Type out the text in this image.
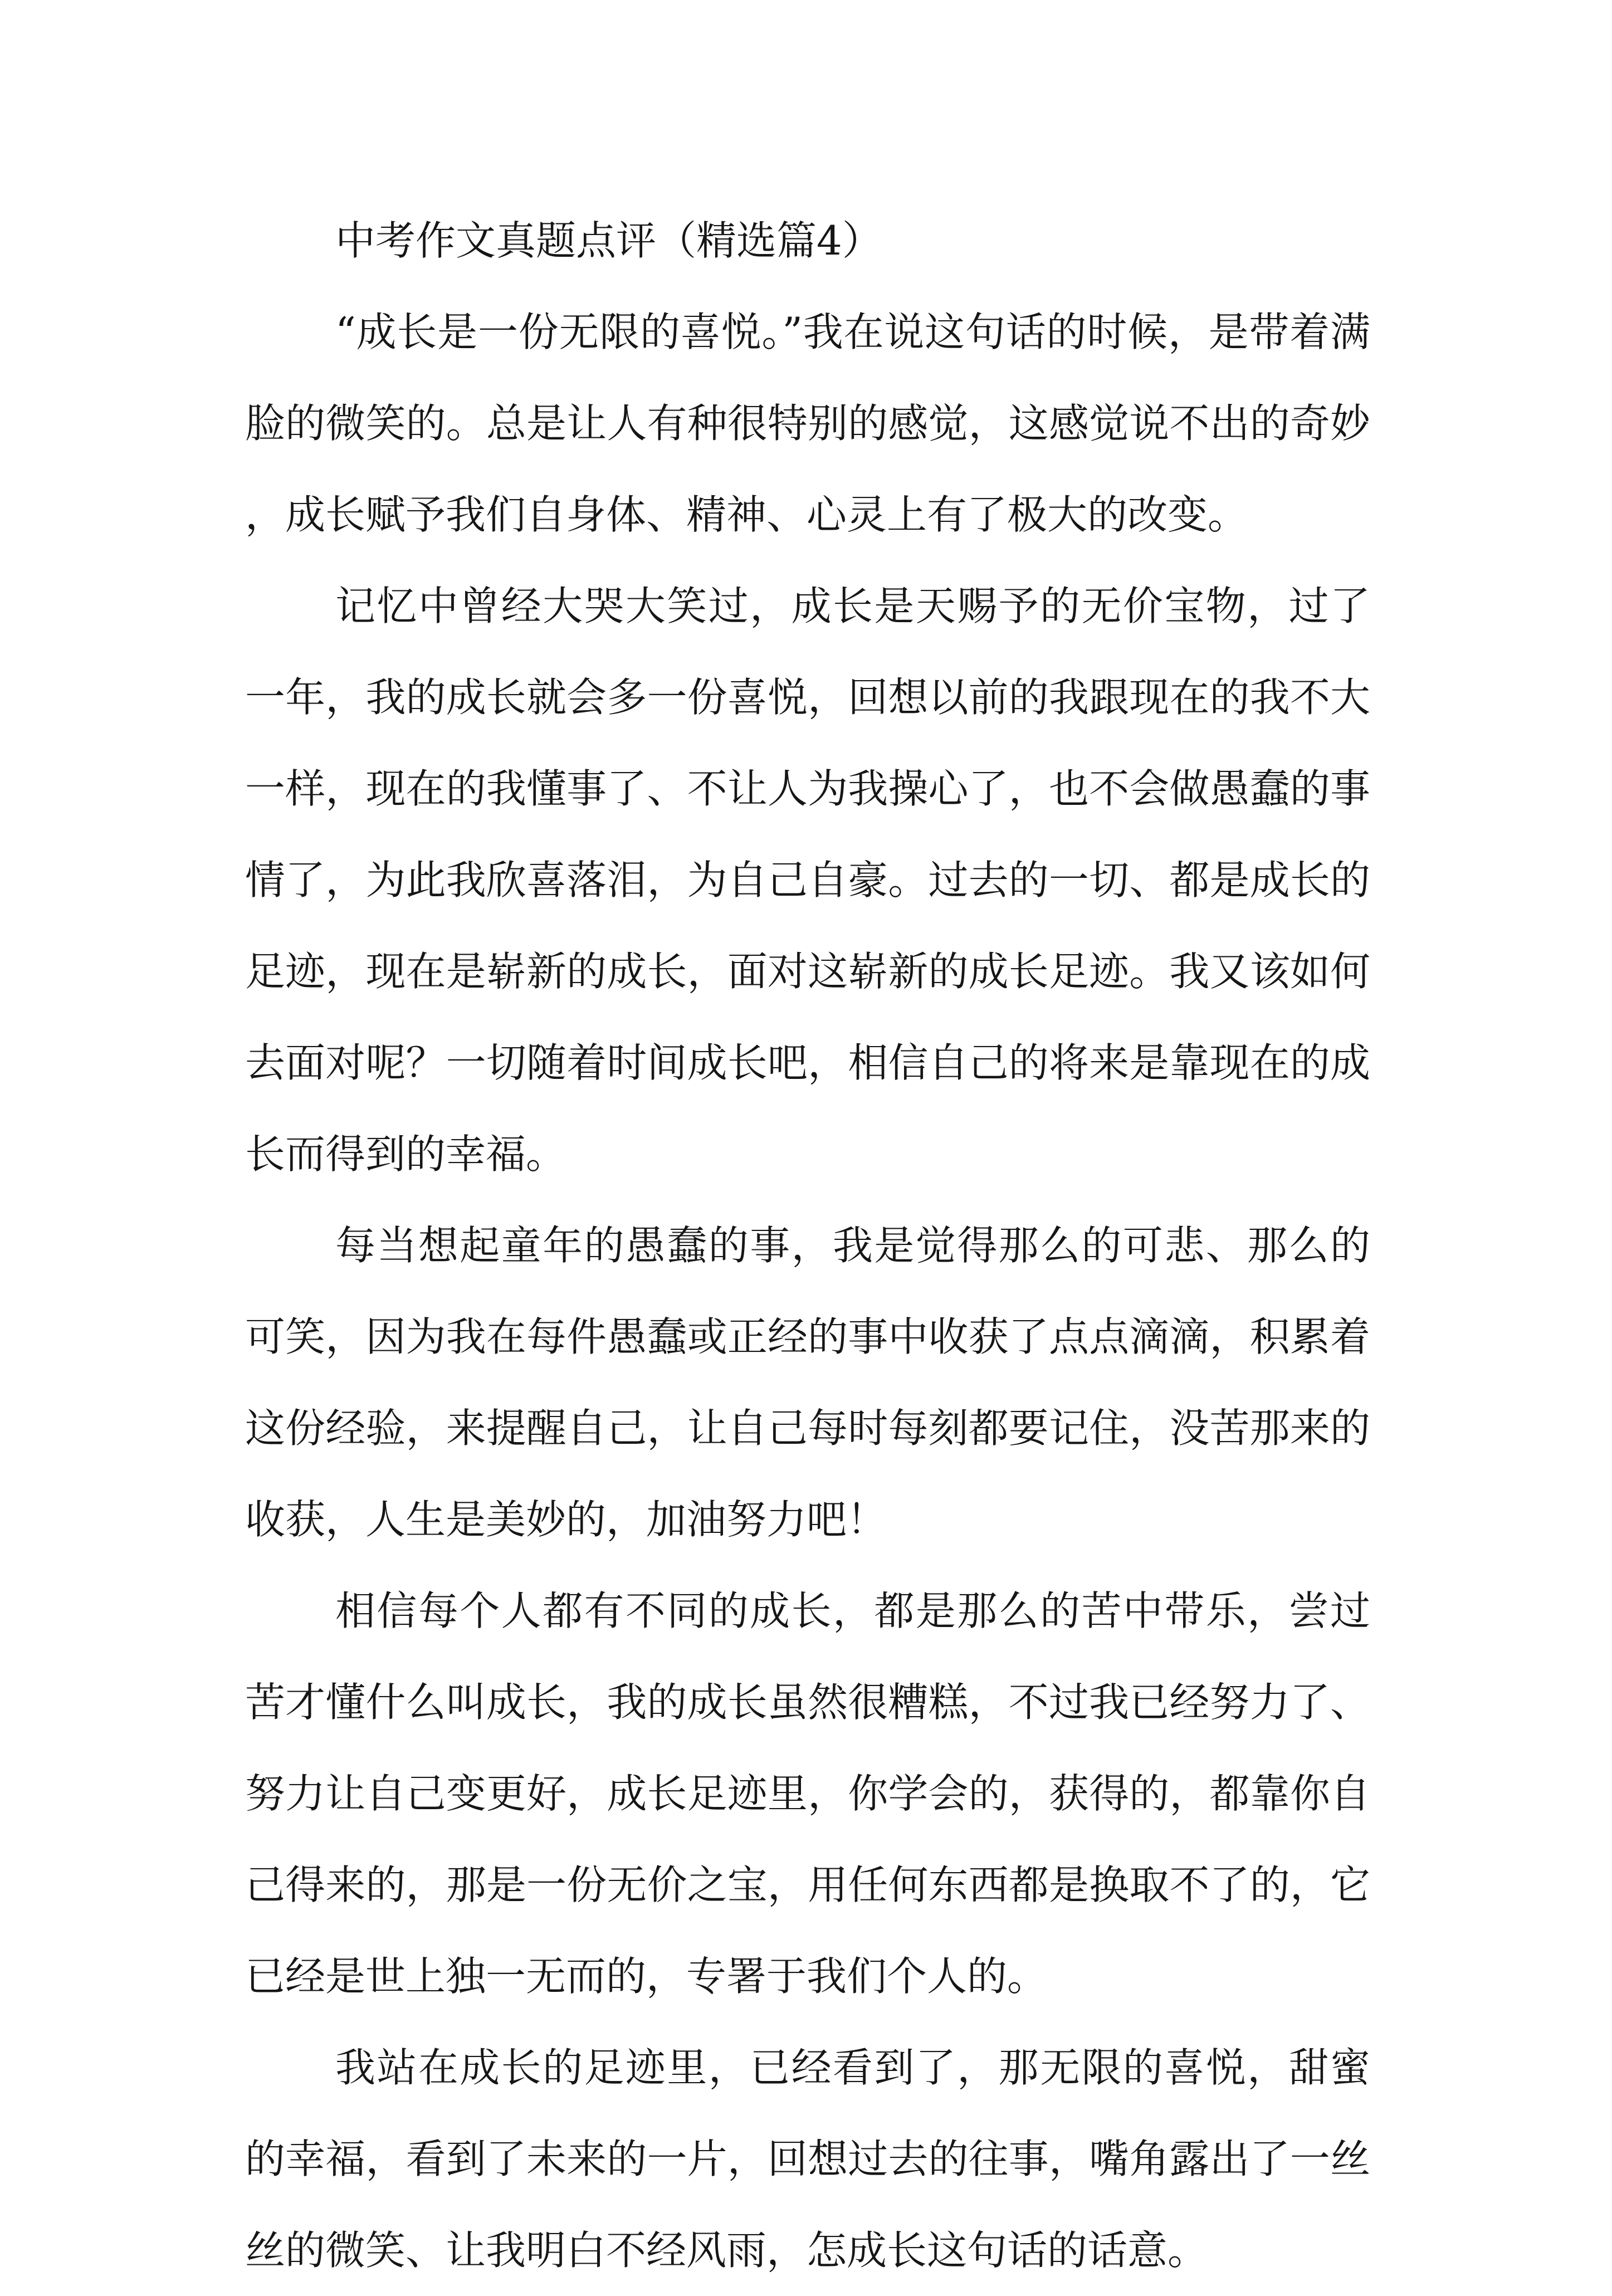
中考作文真题点评（精选篇4）

“成长是一份无限的喜悦。”我在说这句话的时候，是带着满脸的微笑的。总是让人有种很特别的感觉，这感觉说不出的奇妙，成长赋予我们自身体、精神、心灵上有了极大的改变。

记忆中曾经大哭大笑过，成长是天赐予的无价宝物，过了一年，我的成长就会多一份喜悦，回想以前的我跟现在的我不大一样，现在的我懂事了、不让人为我操心了，也不会做愚蠢的事情了，为此我欣喜落泪，为自己自豪。过去的一切、都是成长的足迹，现在是崭新的成长，面对这崭新的成长足迹。我又该如何去面对呢？一切随着时间成长吧，相信自己的将来是靠现在的成长而得到的幸福。

每当想起童年的愚蠢的事，我是觉得那么的可悲、那么的可笑，因为我在每件愚蠢或正经的事中收获了点点滴滴，积累着这份经验，来提醒自己，让自己每时每刻都要记住，没苦那来的收获，人生是美妙的，加油努力吧！

相信每个人都有不同的成长，都是那么的苦中带乐，尝过苦才懂什么叫成长，我的成长虽然很糟糕，不过我已经努力了、努力让自己变更好，成长足迹里，你学会的，获得的，都靠你自己得来的，那是一份无价之宝，用任何东西都是换取不了的，它已经是世上独一无而的，专署于我们个人的。

我站在成长的足迹里，已经看到了，那无限的喜悦，甜蜜的幸福，看到了未来的一片，回想过去的往事，嘴角露出了一丝丝的微笑、让我明白不经风雨，怎成长这句话的话意。
